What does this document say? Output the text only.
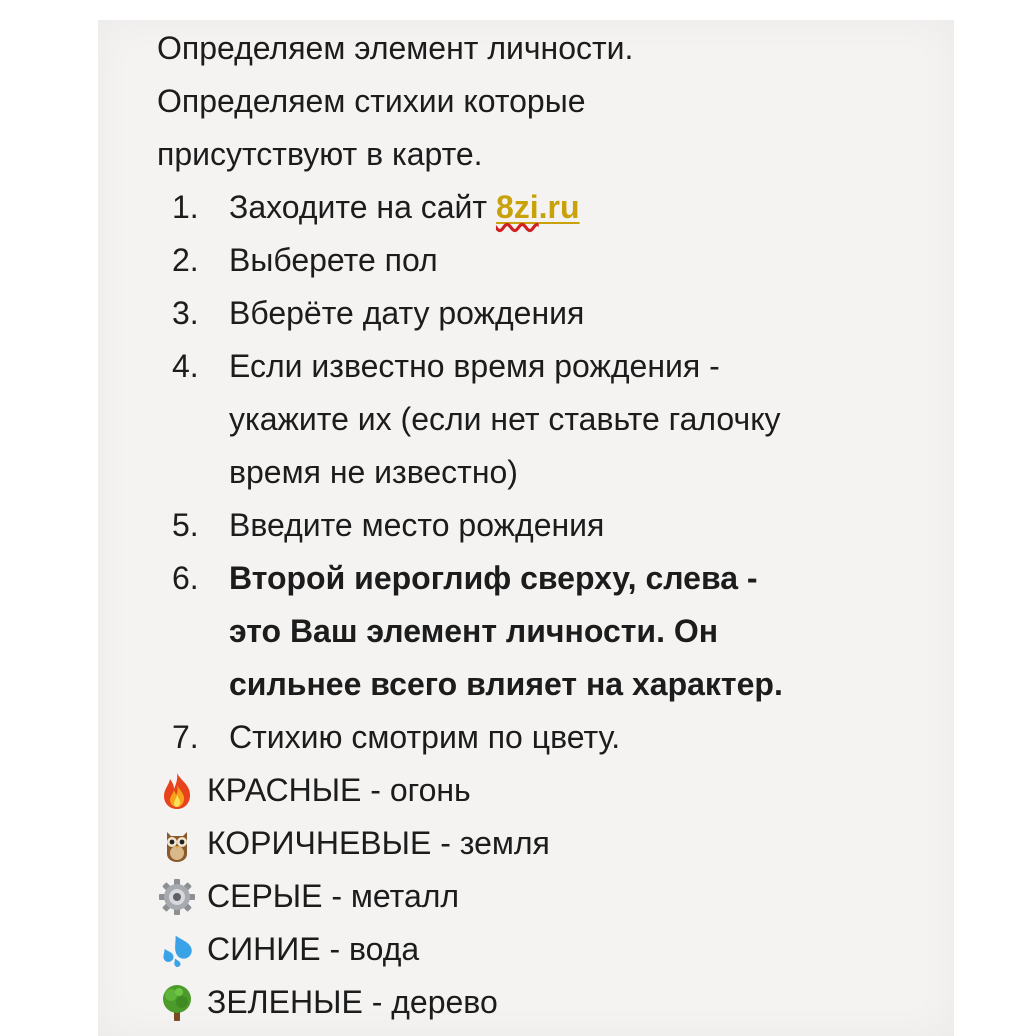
Определяем элемент личности.
Определяем стихии которые
присутствуют в карте.
1. Заходите на сайт 8zi.ru
2. Выберете пол
3. Вберёте дату рождения
4. Если известно время рождения -
укажите их (если нет ставьте галочку
время не известно)
5. Введите место рождения
6. Второй иероглиф сверху, слева -
это Ваш элемент личности. Он
сильнее всего влияет на характер.
7. Стихию смотрим по цвету.
КРАСНЫЕ - огонь
КОРИЧНЕВЫЕ - земля
СЕРЫЕ - металл
СИНИЕ - вода
ЗЕЛЕНЫЕ - дерево
